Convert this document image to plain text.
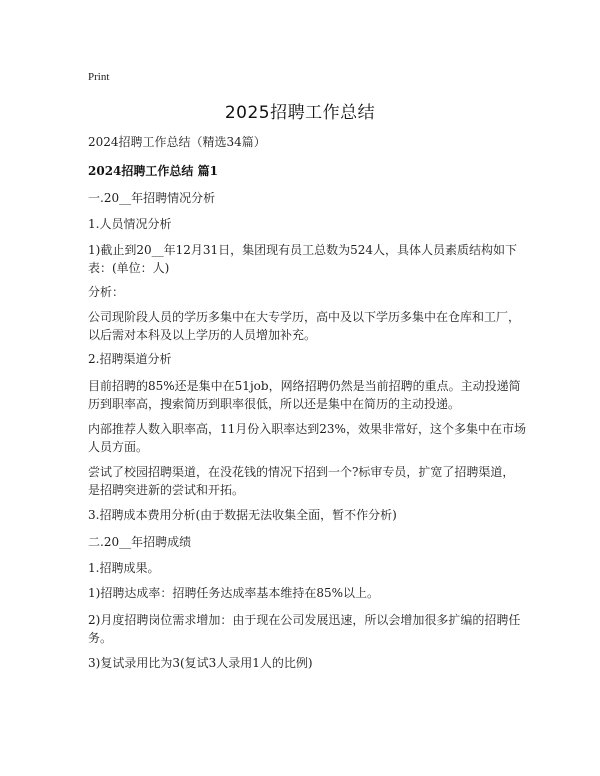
Print
2025招聘工作总结
2024招聘工作总结（精选34篇）
2024招聘工作总结 篇1
一.20__年招聘情况分析
1.人员情况分析
1)截止到20__年12月31日，集团现有员工总数为524人，具体人员素质结构如下表：(单位：人)
分析：
公司现阶段人员的学历多集中在大专学历，高中及以下学历多集中在仓库和工厂，以后需对本科及以上学历的人员增加补充。
2.招聘渠道分析
目前招聘的85%还是集中在51job，网络招聘仍然是当前招聘的重点。主动投递简历到职率高，搜索简历到职率很低，所以还是集中在简历的主动投递。
内部推荐人数入职率高，11月份入职率达到23%，效果非常好，这个多集中在市场人员方面。
尝试了校园招聘渠道，在没花钱的情况下招到一个?标审专员，扩宽了招聘渠道，是招聘突进新的尝试和开拓。
3.招聘成本费用分析(由于数据无法收集全面，暂不作分析)
二.20__年招聘成绩
1.招聘成果。
1)招聘达成率：招聘任务达成率基本维持在85%以上。
2)月度招聘岗位需求增加：由于现在公司发展迅速，所以会增加很多扩编的招聘任务。
3)复试录用比为3(复试3人录用1人的比例)
